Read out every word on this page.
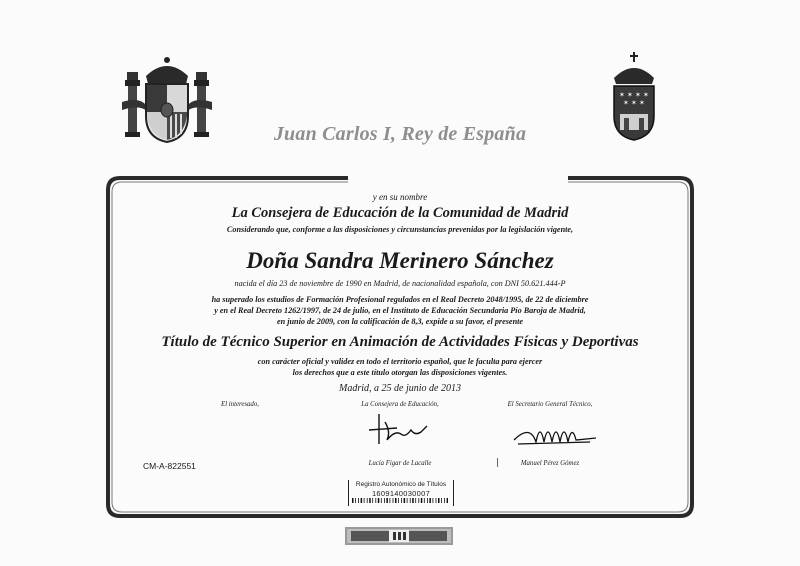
✶ ✶ ✶ ✶
✶ ✶ ✶
Juan Carlos I, Rey de España
y en su nombre
La Consejera de Educación de la Comunidad de Madrid
Considerando que, conforme a las disposiciones y circunstancias prevenidas por la legislación vigente,
Doña Sandra Merinero Sánchez
nacida el día 23 de noviembre de 1990 en Madrid, de nacionalidad española, con DNI 50.621.444-P
ha superado los estudios de Formación Profesional regulados en el Real Decreto 2048/1995, de 22 de diciembre
y en el Real Decreto 1262/1997, de 24 de julio, en el Instituto de Educación Secundaria Pío Baroja de Madrid,
en junio de 2009, con la calificación de 8,3, expide a su favor, el presente
Título de Técnico Superior en Animación de Actividades Físicas y Deportivas
con carácter oficial y validez en todo el territorio español, que le faculta para ejercer
los derechos que a este título otorgan las disposiciones vigentes.
Madrid, a 25 de junio de 2013
El interesado,	La Consejera de Educación,	El Secretario General Técnico,
Lucía Figar de Lacalle	Manuel Pérez Gómez
CM-A-822551
Registro Autonómico de Títulos
1609140030007
